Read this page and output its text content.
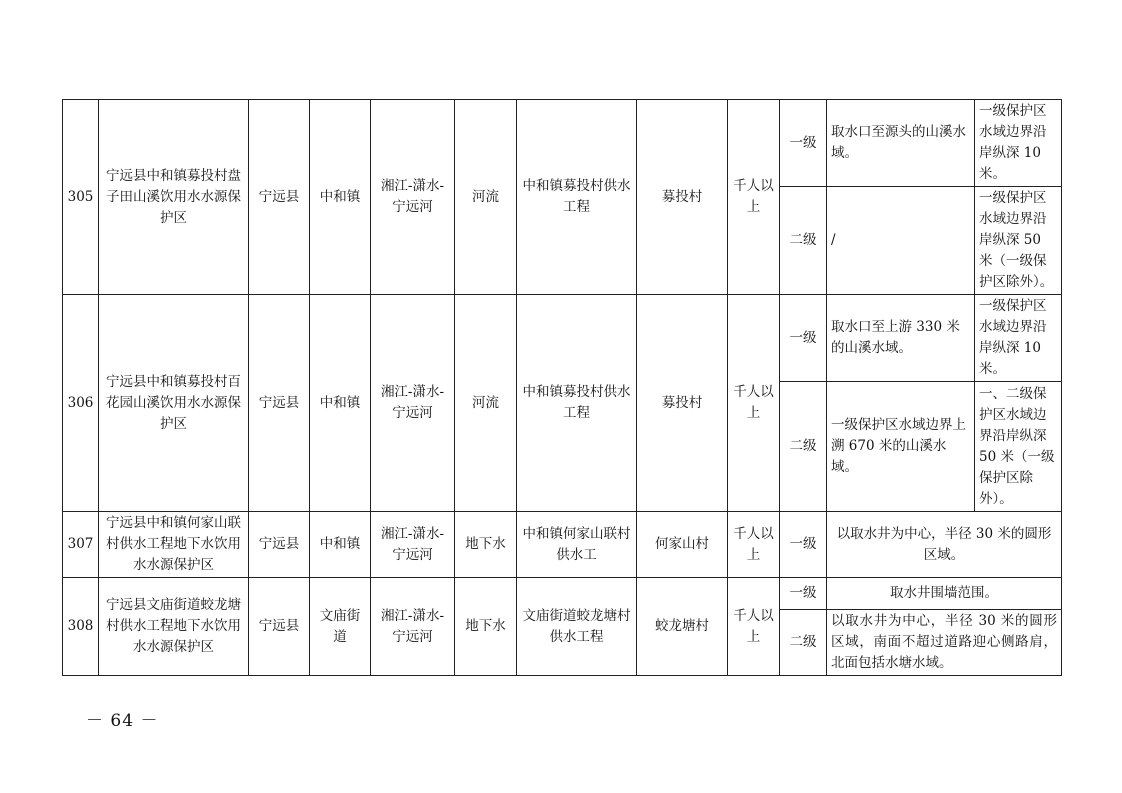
305	宁远县中和镇募投村盘子田山溪饮用水水源保护区	宁远县	中和镇	湘江-潇水-宁远河	河流	中和镇募投村供水工程	募投村	千人以上	一级	取水口至源头的山溪水域。	一级保护区水域边界沿岸纵深 10 米。
									二级	/	一级保护区水域边界沿岸纵深 50 米（一级保护区除外）。
306	宁远县中和镇募投村百花园山溪饮用水水源保护区	宁远县	中和镇	湘江-潇水-宁远河	河流	中和镇募投村供水工程	募投村	千人以上	一级	取水口至上游 330 米的山溪水域。	一级保护区水域边界沿岸纵深 10 米。
									二级	一级保护区水域边界上溯 670 米的山溪水域。	一、二级保护区水域边界沿岸纵深 50 米（一级保护区除外）。
307	宁远县中和镇何家山联村供水工程地下水饮用水水源保护区	宁远县	中和镇	湘江-潇水-宁远河	地下水	中和镇何家山联村供水工	何家山村	千人以上	一级	以取水井为中心，半径 30 米的圆形区域。	
308	宁远县文庙街道蛟龙塘村供水工程地下水饮用水水源保护区	宁远县	文庙街道	湘江-潇水-宁远河	地下水	文庙街道蛟龙塘村供水工程	蛟龙塘村	千人以上	一级	取水井围墙范围。	
									二级	以取水井为中心，半径 30 米的圆形区域，南面不超过道路迎心侧路肩，北面包括水塘水域。	
－ 64 －
